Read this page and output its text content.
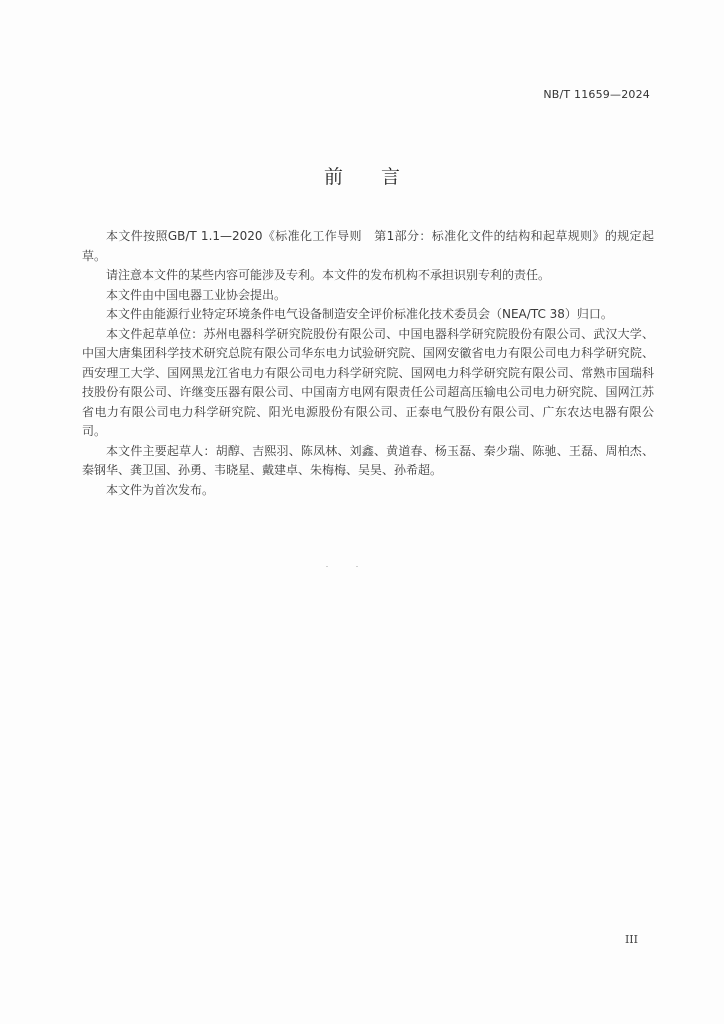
NB/T 11659—2024
前言

本文件按照GB/T 1.1—2020《标准化工作导则　第1部分：标准化文件的结构和起草规则》的规定起草。

请注意本文件的某些内容可能涉及专利。本文件的发布机构不承担识别专利的责任。

本文件由中国电器工业协会提出。

本文件由能源行业特定环境条件电气设备制造安全评价标准化技术委员会（NEA/TC 38）归口。

本文件起草单位：苏州电器科学研究院股份有限公司、中国电器科学研究院股份有限公司、武汉大学、中国大唐集团科学技术研究总院有限公司华东电力试验研究院、国网安徽省电力有限公司电力科学研究院、西安理工大学、国网黑龙江省电力有限公司电力科学研究院、国网电力科学研究院有限公司、常熟市国瑞科技股份有限公司、许继变压器有限公司、中国南方电网有限责任公司超高压输电公司电力研究院、国网江苏省电力有限公司电力科学研究院、阳光电源股份有限公司、正泰电气股份有限公司、广东农达电器有限公司。

本文件主要起草人：胡醇、吉熙羽、陈凤林、刘鑫、黄道春、杨玉磊、秦少瑞、陈驰、王磊、周柏杰、秦钢华、龚卫国、孙勇、韦晓星、戴建卓、朱梅梅、吴昊、孙希超。

本文件为首次发布。

III
